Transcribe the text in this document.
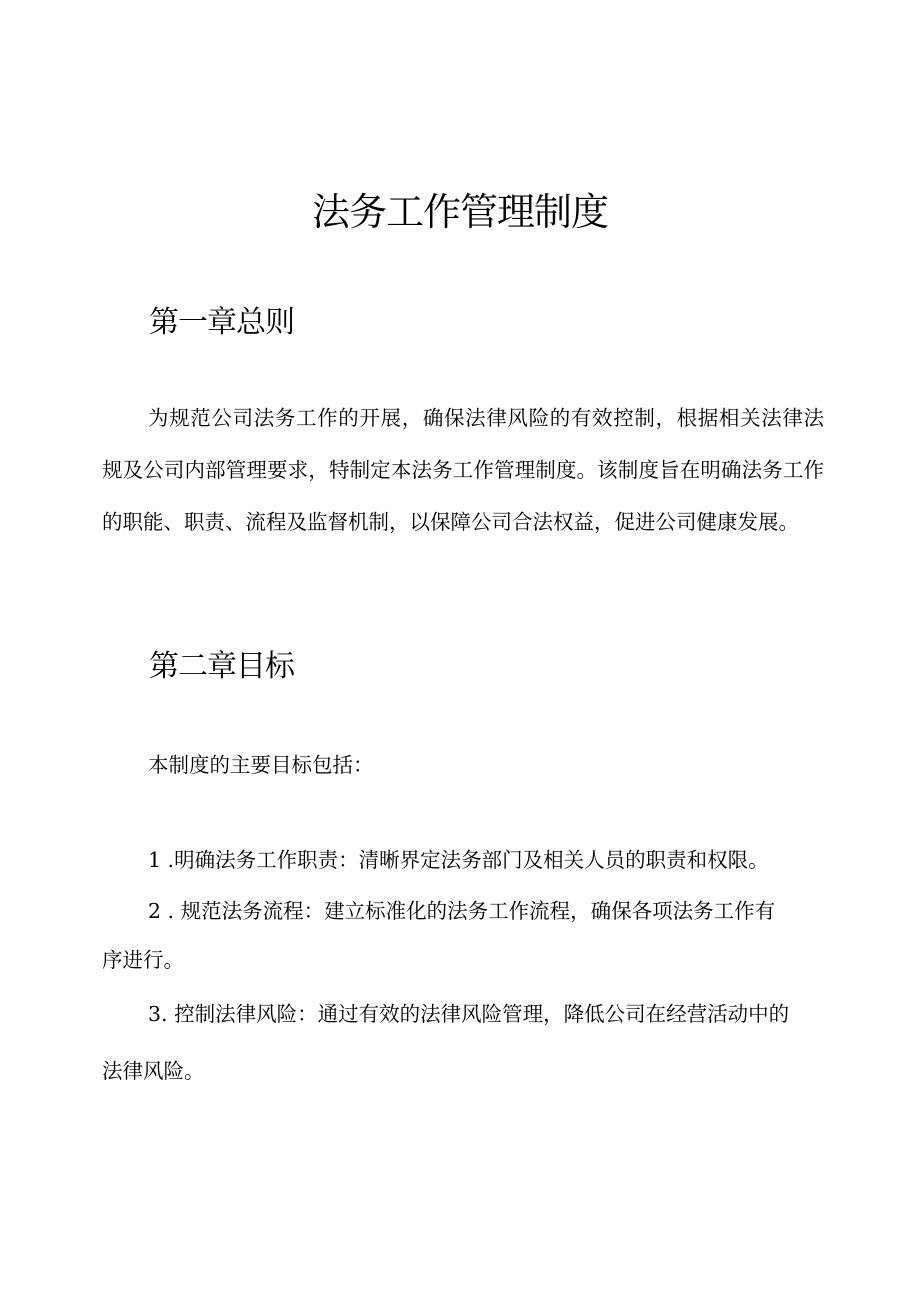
法务工作管理制度
第一章总则

为规范公司法务工作的开展，确保法律风险的有效控制，根据相关法律法规及公司内部管理要求，特制定本法务工作管理制度。该制度旨在明确法务工作的职能、职责、流程及监督机制，以保障公司合法权益，促进公司健康发展。

第二章目标

本制度的主要目标包括：

1 .明确法务工作职责：清晰界定法务部门及相关人员的职责和权限。

2 . 规范法务流程：建立标准化的法务工作流程，确保各项法务工作有

序进行。

3. 控制法律风险：通过有效的法律风险管理，降低公司在经营活动中的

法律风险。
